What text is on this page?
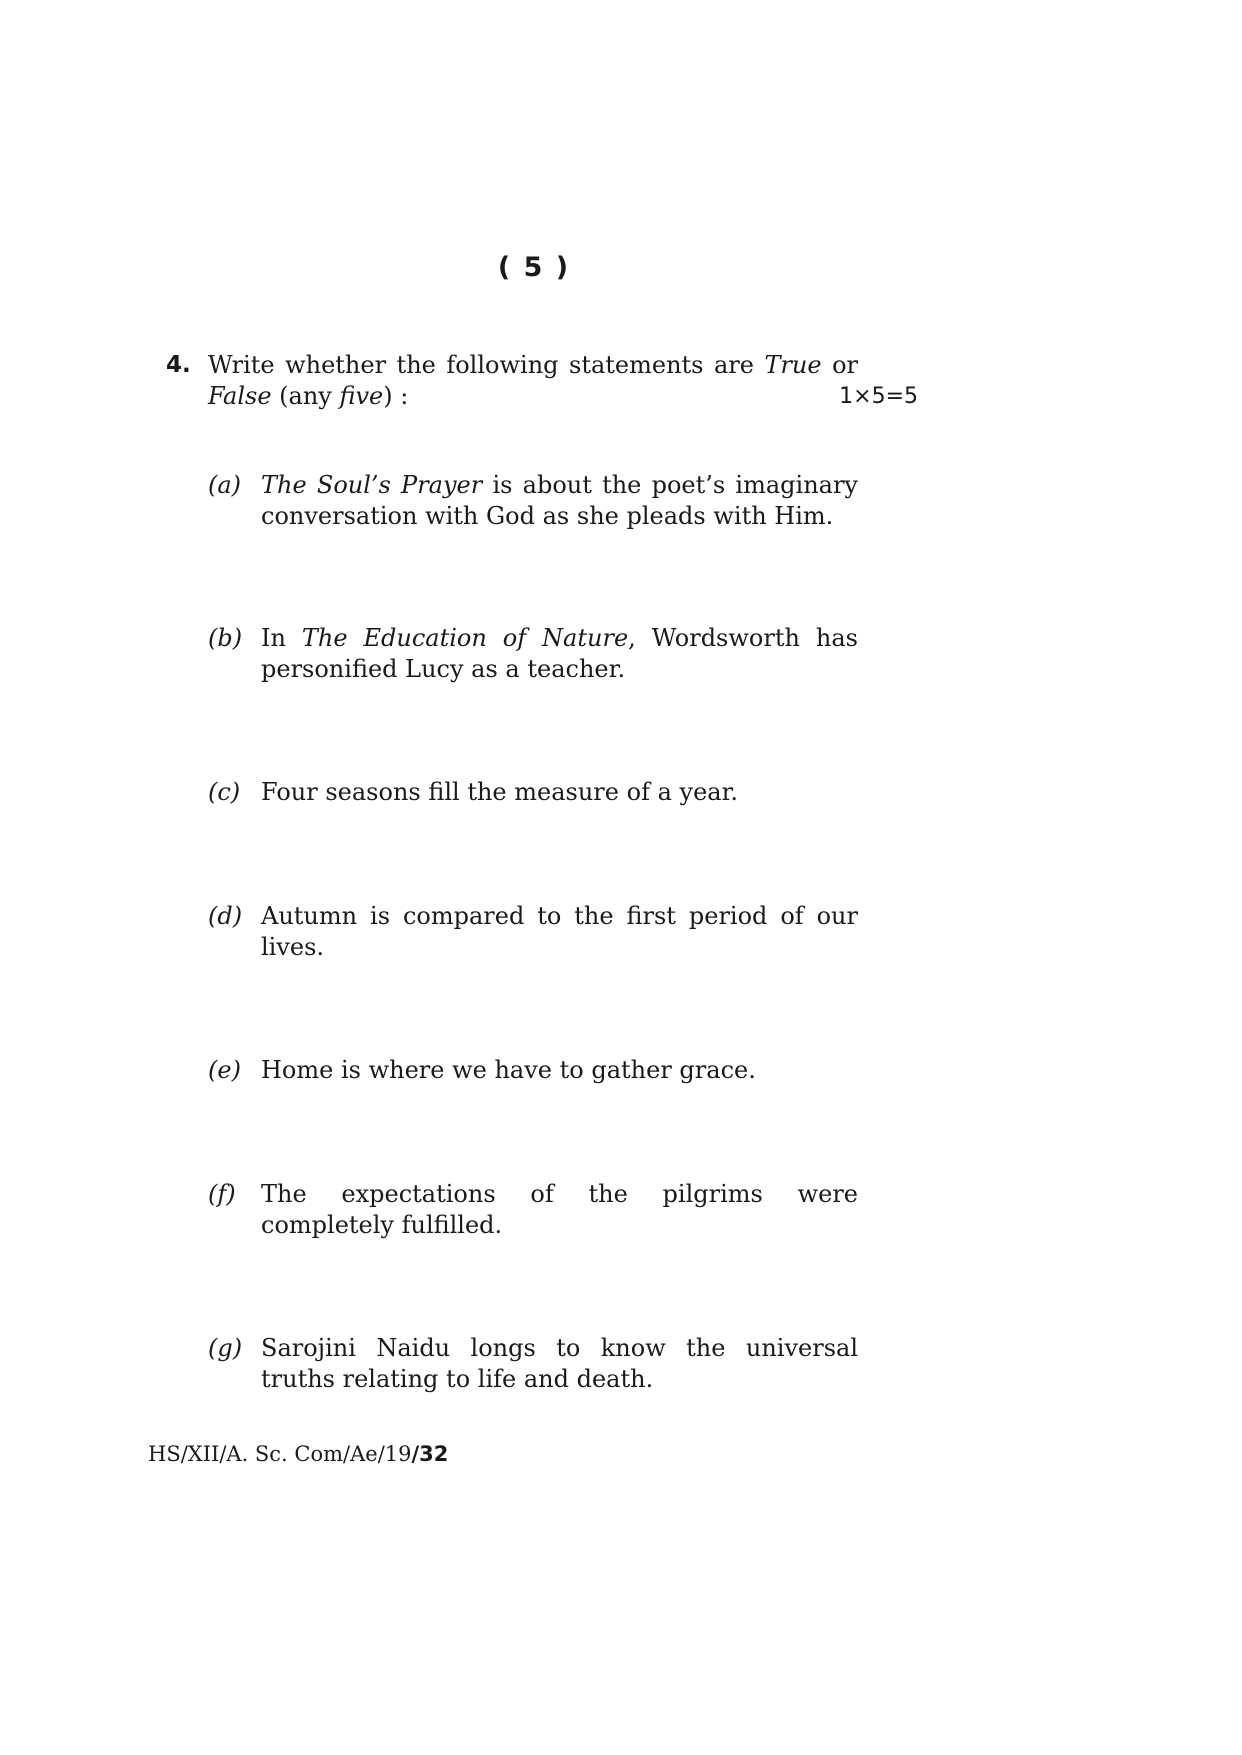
( 5 )
4. Write whether the following statements are True or
False (any five) :	1×5=5
(a) The Soul’s Prayer is about the poet’s imaginary conversation with God as she pleads with Him.
(b) In The Education of Nature, Wordsworth has personified Lucy as a teacher.
(c) Four seasons fill the measure of a year.
(d) Autumn is compared to the first period of our lives.
(e) Home is where we have to gather grace.
(f) The expectations of the pilgrims were completely fulfilled.
(g) Sarojini Naidu longs to know the universal truths relating to life and death.
HS/XII/A. Sc. Com/Ae/19/32
